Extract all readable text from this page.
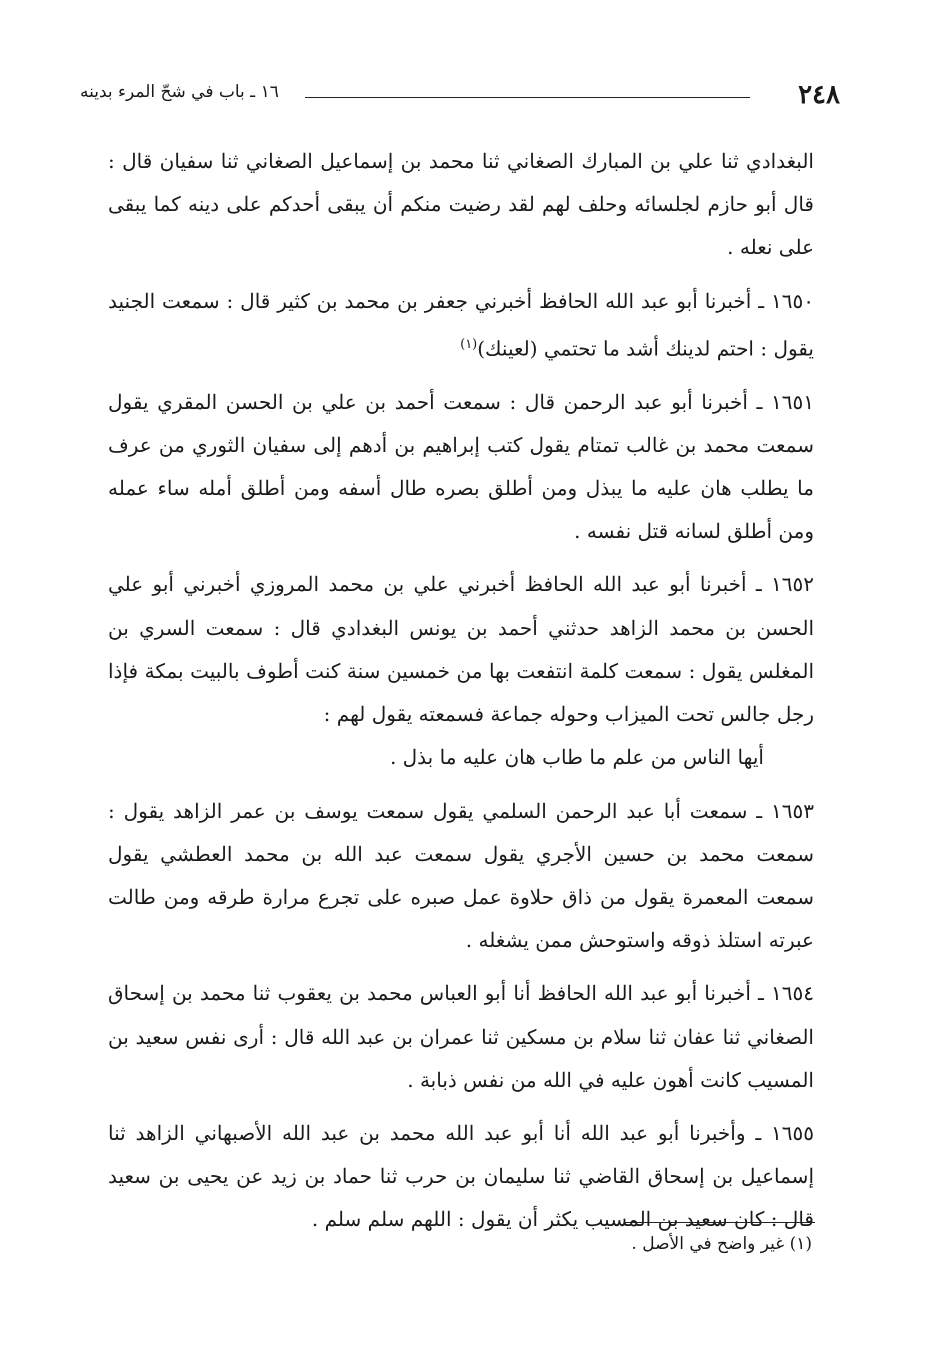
٢٤٨
١٦ ـ باب في شحّ المرء بدينه

البغدادي ثنا علي بن المبارك الصغاني ثنا محمد بن إسماعيل الصغاني ثنا سفيان قال : قال أبو حازم لجلسائه وحلف لهم لقد رضيت منكم أن يبقى أحدكم على دينه كما يبقى على نعله .

١٦٥٠ ـ أخبرنا أبو عبد الله الحافظ أخبرني جعفر بن محمد بن كثير قال : سمعت الجنيد يقول : احتم لدينك أشد ما تحتمي (لعينك)$^{(١)}$

١٦٥١ ـ أخبرنا أبو عبد الرحمن قال : سمعت أحمد بن علي بن الحسن المقري يقول سمعت محمد بن غالب تمتام يقول كتب إبراهيم بن أدهم إلى سفيان الثوري من عرف ما يطلب هان عليه ما يبذل ومن أطلق بصره طال أسفه ومن أطلق أمله ساء عمله ومن أطلق لسانه قتل نفسه .

١٦٥٢ ـ أخبرنا أبو عبد الله الحافظ أخبرني علي بن محمد المروزي أخبرني أبو علي الحسن بن محمد الزاهد حدثني أحمد بن يونس البغدادي قال : سمعت السري بن المغلس يقول : سمعت كلمة انتفعت بها من خمسين سنة كنت أطوف بالبيت بمكة فإذا رجل جالس تحت الميزاب وحوله جماعة فسمعته يقول لهم :

أيها الناس من علم ما طاب هان عليه ما بذل .

١٦٥٣ ـ سمعت أبا عبد الرحمن السلمي يقول سمعت يوسف بن عمر الزاهد يقول : سمعت محمد بن حسين الأجري يقول سمعت عبد الله بن محمد العطشي يقول سمعت المعمرة يقول من ذاق حلاوة عمل صبره على تجرع مرارة طرقه ومن طالت عبرته استلذ ذوقه واستوحش ممن يشغله .

١٦٥٤ ـ أخبرنا أبو عبد الله الحافظ أنا أبو العباس محمد بن يعقوب ثنا محمد بن إسحاق الصغاني ثنا عفان ثنا سلام بن مسكين ثنا عمران بن عبد الله قال : أرى نفس سعيد بن المسيب كانت أهون عليه في الله من نفس ذبابة .

١٦٥٥ ـ وأخبرنا أبو عبد الله أنا أبو عبد الله محمد بن عبد الله الأصبهاني الزاهد ثنا إسماعيل بن إسحاق القاضي ثنا سليمان بن حرب ثنا حماد بن زيد عن يحيى بن سعيد قال : كان سعيد بن المسيب يكثر أن يقول : اللهم سلم سلم .

(١) غير واضح في الأصل .
